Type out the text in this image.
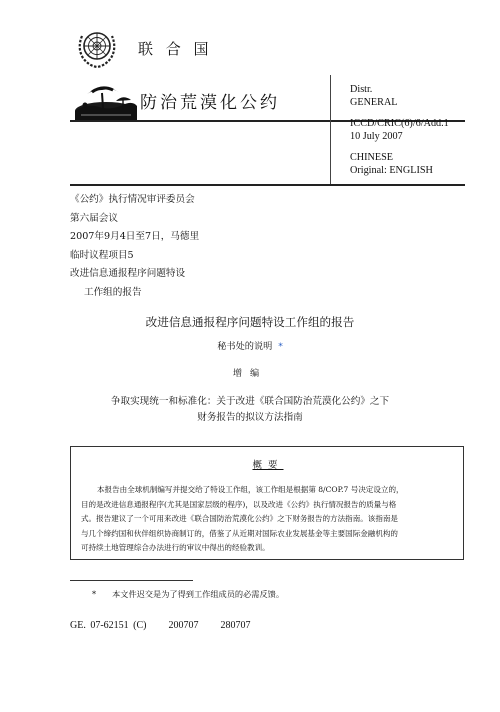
联 合 国
防治荒漠化公约
Distr.
GENERAL
ICCD/CRIC(6)/6/Add.1
10 July 2007
CHINESE
Original: ENGLISH
《公约》执行情况审评委员会
第六届会议
2007年9月4日至7日，马德里
临时议程项目5
改进信息通报程序问题特设
工作组的报告
改进信息通报程序问题特设工作组的报告
秘书处的说明 *
增编
争取实现统一和标准化：关于改进《联合国防治荒漠化公约》之下
财务报告的拟议方法指南
概要
本报告由全球机制编写并提交给了特设工作组，该工作组是根据第 8/COP.7 号决定设立的，
目的是改进信息通报程序(尤其是国家层级的程序)，以及改进《公约》执行情况报告的质量与格
式。报告建议了一个可用来改进《联合国防治荒漠化公约》之下财务报告的方法指南。该指南是
与几个缔约国和伙伴组织协商制订的，借鉴了从近期对国际农业发展基金等主要国际金融机构的
可持续土地管理综合办法进行的审议中得出的经验教训。
* 本文件迟交是为了得到工作组成员的必需反馈。
GE. 07-62151 (C) 200707 280707
